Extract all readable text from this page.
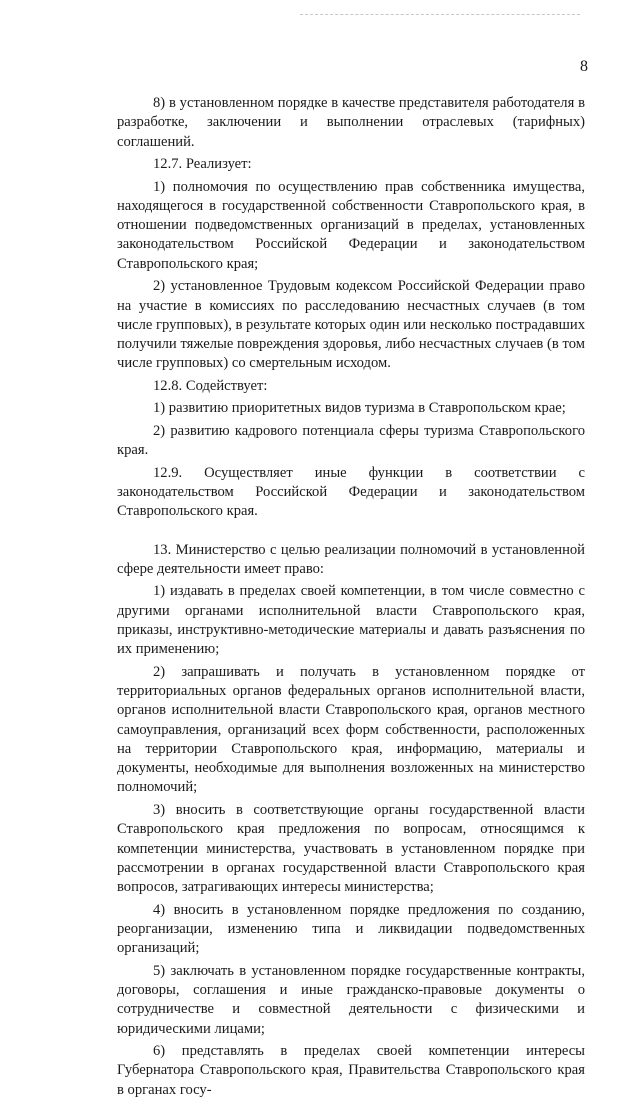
8

8) в установленном порядке в качестве представителя работодателя в разработке, заключении и выполнении отраслевых (тарифных) соглашений.

12.7. Реализует:

1) полномочия по осуществлению прав собственника имущества, находящегося в государственной собственности Ставропольского края, в отношении подведомственных организаций в пределах, установленных законодательством Российской Федерации и законодательством Ставропольского края;

2) установленное Трудовым кодексом Российской Федерации право на участие в комиссиях по расследованию несчастных случаев (в том числе групповых), в результате которых один или несколько пострадавших получили тяжелые повреждения здоровья, либо несчастных случаев (в том числе групповых) со смертельным исходом.

12.8. Содействует:

1) развитию приоритетных видов туризма в Ставропольском крае;

2) развитию кадрового потенциала сферы туризма Ставропольского края.

12.9. Осуществляет иные функции в соответствии с законодательством Российской Федерации и законодательством Ставропольского края.

13. Министерство с целью реализации полномочий в установленной сфере деятельности имеет право:

1) издавать в пределах своей компетенции, в том числе совместно с другими органами исполнительной власти Ставропольского края, приказы, инструктивно-методические материалы и давать разъяснения по их применению;

2) запрашивать и получать в установленном порядке от территориальных органов федеральных органов исполнительной власти, органов исполнительной власти Ставропольского края, органов местного самоуправления, организаций всех форм собственности, расположенных на территории Ставропольского края, информацию, материалы и документы, необходимые для выполнения возложенных на министерство полномочий;

3) вносить в соответствующие органы государственной власти Ставропольского края предложения по вопросам, относящимся к компетенции министерства, участвовать в установленном порядке при рассмотрении в органах государственной власти Ставропольского края вопросов, затрагивающих интересы министерства;

4) вносить в установленном порядке предложения по созданию, реорганизации, изменению типа и ликвидации подведомственных организаций;

5) заключать в установленном порядке государственные контракты, договоры, соглашения и иные гражданско-правовые документы о сотрудничестве и совместной деятельности с физическими и юридическими лицами;

6) представлять в пределах своей компетенции интересы Губернатора Ставропольского края, Правительства Ставропольского края в органах госу-
